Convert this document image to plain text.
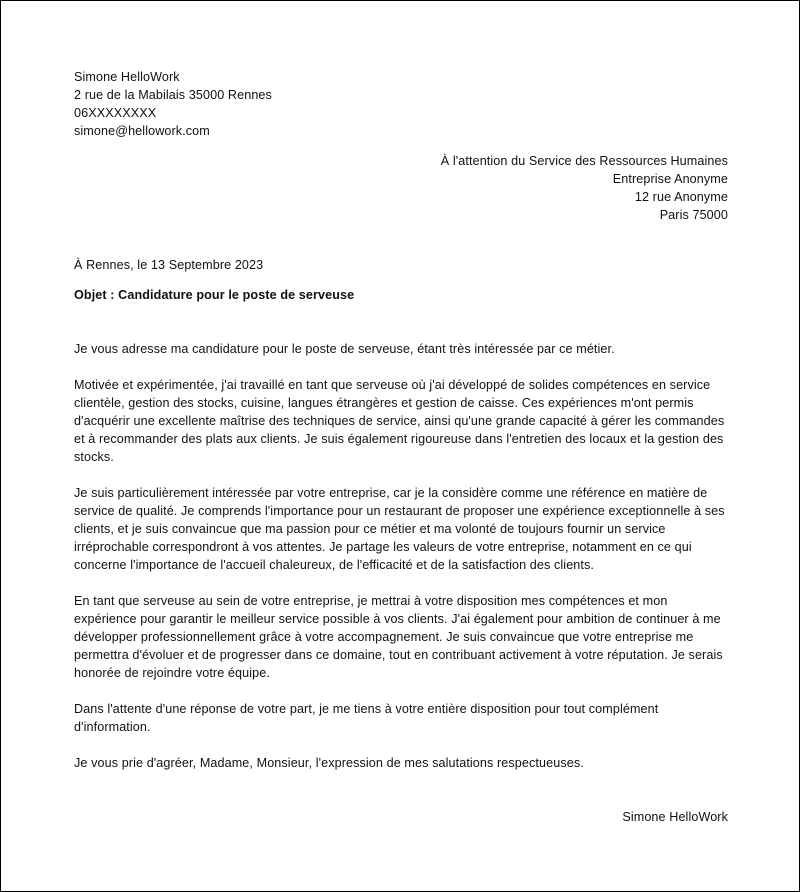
Simone HelloWork
2 rue de la Mabilais 35000 Rennes
06XXXXXXXX
simone@hellowork.com
À l'attention du Service des Ressources Humaines
Entreprise Anonyme
12 rue Anonyme
Paris 75000
À Rennes, le 13 Septembre 2023
Objet : Candidature pour le poste de serveuse

Je vous adresse ma candidature pour le poste de serveuse, étant très intéressée par ce métier.

Motivée et expérimentée, j'ai travaillé en tant que serveuse où j'ai développé de solides compétences en service clientèle, gestion des stocks, cuisine, langues étrangères et gestion de caisse. Ces expériences m'ont permis d'acquérir une excellente maîtrise des techniques de service, ainsi qu'une grande capacité à gérer les commandes et à recommander des plats aux clients. Je suis également rigoureuse dans l'entretien des locaux et la gestion des stocks.

Je suis particulièrement intéressée par votre entreprise, car je la considère comme une référence en matière de service de qualité. Je comprends l'importance pour un restaurant de proposer une expérience exceptionnelle à ses clients, et je suis convaincue que ma passion pour ce métier et ma volonté de toujours fournir un service irréprochable correspondront à vos attentes. Je partage les valeurs de votre entreprise, notamment en ce qui concerne l'importance de l'accueil chaleureux, de l'efficacité et de la satisfaction des clients.

En tant que serveuse au sein de votre entreprise, je mettrai à votre disposition mes compétences et mon expérience pour garantir le meilleur service possible à vos clients. J'ai également pour ambition de continuer à me développer professionnellement grâce à votre accompagnement. Je suis convaincue que votre entreprise me permettra d'évoluer et de progresser dans ce domaine, tout en contribuant activement à votre réputation. Je serais honorée de rejoindre votre équipe.

Dans l'attente d'une réponse de votre part, je me tiens à votre entière disposition pour tout complément d'information.

Je vous prie d'agréer, Madame, Monsieur, l'expression de mes salutations respectueuses.

Simone HelloWork
